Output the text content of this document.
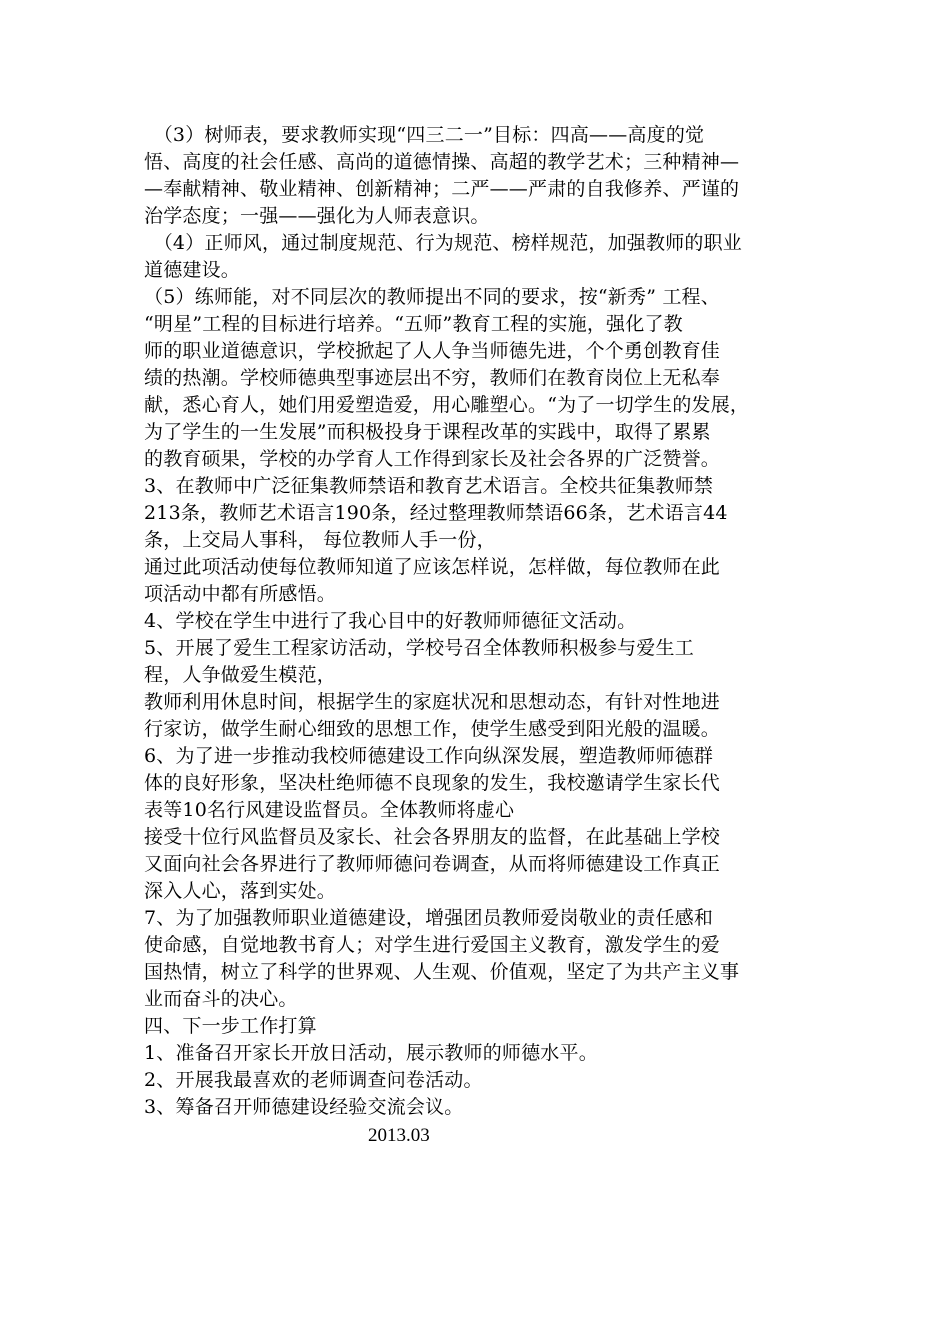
　（3）树师表，要求教师实现“四三二一”目标：四高——高度的觉
悟、高度的社会任感、高尚的道德情操、高超的教学艺术；三种精神—
—奉献精神、敬业精神、创新精神；二严——严肃的自我修养、严谨的
治学态度；一强——强化为人师表意识。
　（4）正师风，通过制度规范、行为规范、榜样规范，加强教师的职业
道德建设。
（5）练师能，对不同层次的教师提出不同的要求，按“新秀” 工程、
“明星”工程的目标进行培养。“五师”教育工程的实施，强化了教
师的职业道德意识，学校掀起了人人争当师德先进，个个勇创教育佳
绩的热潮。学校师德典型事迹层出不穷，教师们在教育岗位上无私奉
献，悉心育人，她们用爱塑造爱，用心雕塑心。“为了一切学生的发展，
为了学生的一生发展”而积极投身于课程改革的实践中，取得了累累
的教育硕果，学校的办学育人工作得到家长及社会各界的广泛赞誉。
3、在教师中广泛征集教师禁语和教育艺术语言。全校共征集教师禁
213条，教师艺术语言190条，经过整理教师禁语66条，艺术语言44
条，上交局人事科， 每位教师人手一份，
通过此项活动使每位教师知道了应该怎样说，怎样做，每位教师在此
项活动中都有所感悟。
4、学校在学生中进行了我心目中的好教师师德征文活动。
5、开展了爱生工程家访活动，学校号召全体教师积极参与爱生工
程，人争做爱生模范，
教师利用休息时间，根据学生的家庭状况和思想动态，有针对性地进
行家访，做学生耐心细致的思想工作，使学生感受到阳光般的温暖。
6、为了进一步推动我校师德建设工作向纵深发展，塑造教师师德群
体的良好形象，坚决杜绝师德不良现象的发生，我校邀请学生家长代
表等10名行风建设监督员。全体教师将虚心
接受十位行风监督员及家长、社会各界朋友的监督，在此基础上学校
又面向社会各界进行了教师师德问卷调查，从而将师德建设工作真正
深入人心，落到实处。
7、为了加强教师职业道德建设，增强团员教师爱岗敬业的责任感和
使命感，自觉地教书育人；对学生进行爱国主义教育，激发学生的爱
国热情，树立了科学的世界观、人生观、价值观，坚定了为共产主义事
业而奋斗的决心。
四、下一步工作打算
1、准备召开家长开放日活动，展示教师的师德水平。
2、开展我最喜欢的老师调查问卷活动。
3、筹备召开师德建设经验交流会议。
2013.03
